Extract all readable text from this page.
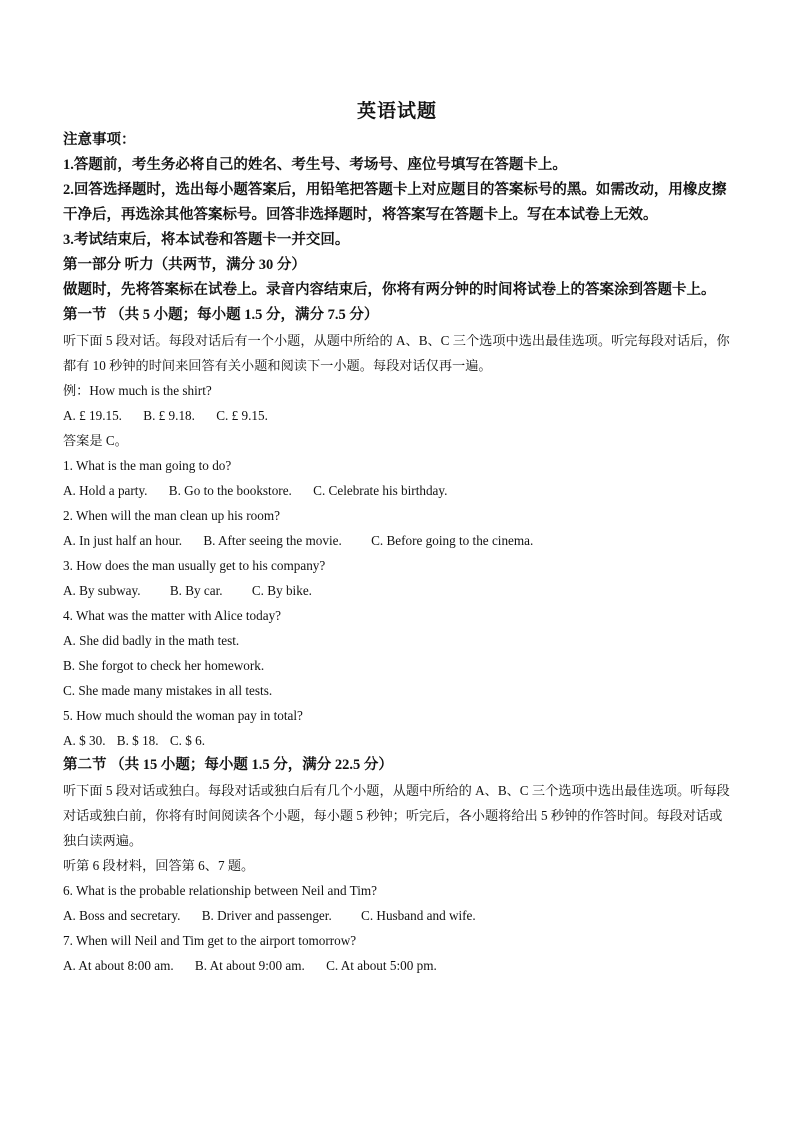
英语试题

注意事项：

1.答题前，考生务必将自己的姓名、考生号、考场号、座位号填写在答题卡上。

2.回答选择题时，选出每小题答案后，用铅笔把答题卡上对应题目的答案标号的黑。如需改动，用橡皮擦干净后，再选涂其他答案标号。回答非选择题时，将答案写在答题卡上。写在本试卷上无效。

3.考试结束后，将本试卷和答题卡一并交回。

第一部分 听力（共两节，满分 30 分）

做题时，先将答案标在试卷上。录音内容结束后，你将有两分钟的时间将试卷上的答案涂到答题卡上。

第一节 （共 5 小题；每小题 1.5 分，满分 7.5 分）

听下面 5 段对话。每段对话后有一个小题，从题中所给的 A、B、C 三个选项中选出最佳选项。听完每段对话后，你都有 10 秒钟的时间来回答有关小题和阅读下一小题。每段对话仅再一遍。

例：How much is the shirt?

A. £ 19.15. B. £ 9.18. C. £ 9.15.

答案是 C。

1. What is the man going to do?

A. Hold a party. B. Go to the bookstore. C. Celebrate his birthday.

2. When will the man clean up his room?

A. In just half an hour. B. After seeing the movie. C. Before going to the cinema.

3. How does the man usually get to his company?

A. By subway. B. By car. C. By bike.

4. What was the matter with Alice today?

A. She did badly in the math test.

B. She forgot to check her homework.

C. She made many mistakes in all tests.

5. How much should the woman pay in total?

A. $ 30. B. $ 18. C. $ 6.

第二节 （共 15 小题；每小题 1.5 分，满分 22.5 分）

听下面 5 段对话或独白。每段对话或独白后有几个小题，从题中所给的 A、B、C 三个选项中选出最佳选项。听每段对话或独白前，你将有时间阅读各个小题，每小题 5 秒钟；听完后，各小题将给出 5 秒钟的作答时间。每段对话或独白读两遍。

听第 6 段材料，回答第 6、7 题。

6. What is the probable relationship between Neil and Tim?

A. Boss and secretary. B. Driver and passenger. C. Husband and wife.

7. When will Neil and Tim get to the airport tomorrow?

A. At about 8:00 am. B. At about 9:00 am. C. At about 5:00 pm.
